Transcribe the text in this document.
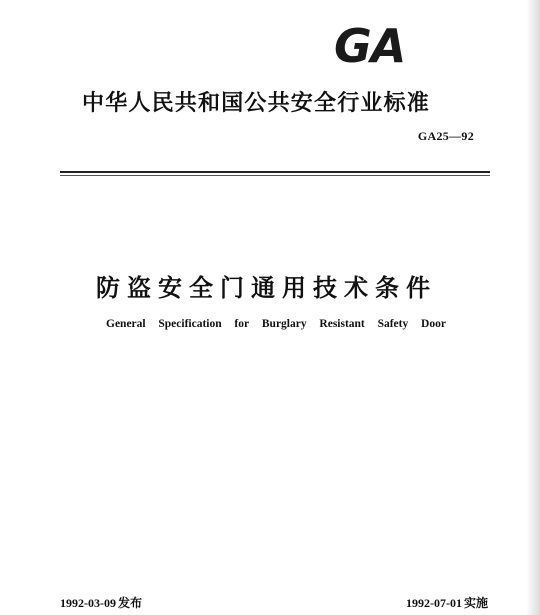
GA
中华人民共和国公共安全行业标准
GA25—92
防盗安全门通用技术条件
General Specification for Burglary Resistant Safety Door
1992-03-09 发布	1992-07-01 实施
